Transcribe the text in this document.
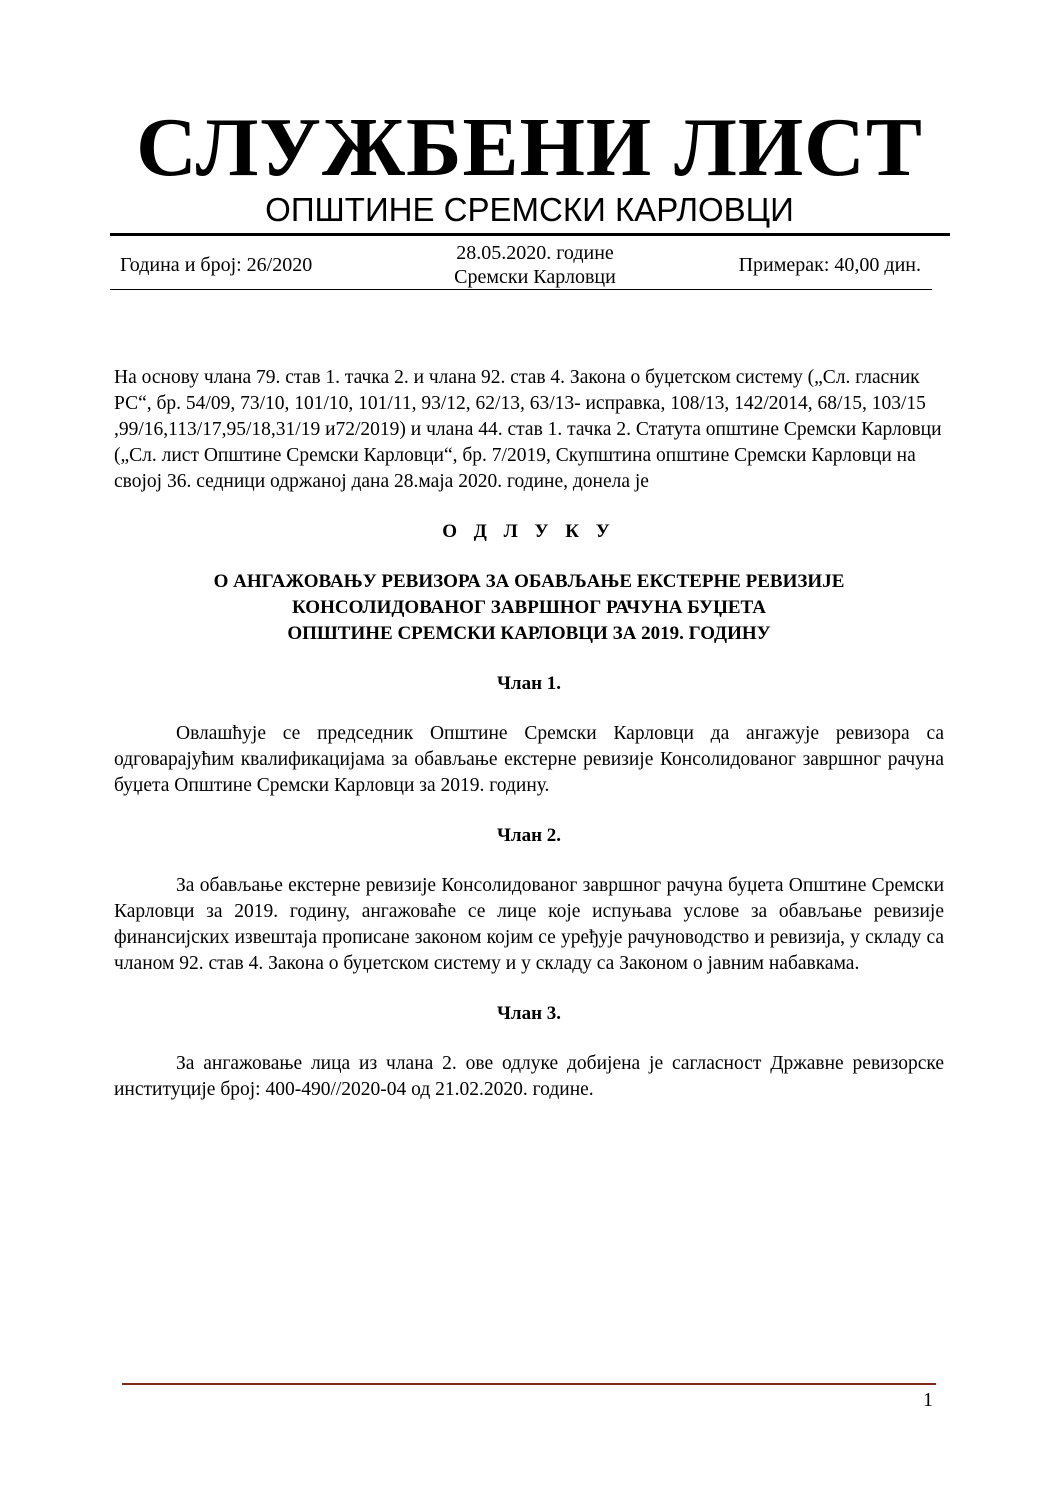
СЛУЖБЕНИ ЛИСТ
ОПШТИНЕ СРЕМСКИ КАРЛОВЦИ
Година и број: 26/2020
28.05.2020. године
Сремски Карловци
Примерак: 40,00 дин.

На основу члана 79. став 1. тачка 2. и члана 92. став 4. Закона о буџетском систему („Сл. гласник РС“, бр. 54/09, 73/10, 101/10, 101/11, 93/12, 62/13, 63/13- исправка, 108/13, 142/2014, 68/15, 103/15 ,99/16,113/17,95/18,31/19 и72/2019) и члана 44. став 1. тачка 2. Статута општине Сремски Карловци („Сл. лист Општине Сремски Карловци“, бр. 7/2019, Скупштина општине Сремски Карловци на својој 36. седници одржаној дана 28.маја 2020. године, донела је

О Д Л У К У
О АНГАЖОВАЊУ РЕВИЗОРА ЗА ОБАВЉАЊЕ ЕКСТЕРНЕ РЕВИЗИЈЕ
КОНСОЛИДОВАНОГ ЗАВРШНОГ РАЧУНА БУЏЕТА
ОПШТИНЕ СРЕМСКИ КАРЛОВЦИ ЗА 2019. ГОДИНУ
Члан 1.

Овлашћује се председник Општине Сремски Карловци да ангажује ревизора са одговарајућим квалификацијама за обављање екстерне ревизије Консолидованог завршног рачуна буџета Општине Сремски Карловци за 2019. годину.

Члан 2.

За обављање екстерне ревизије Консолидованог завршног рачуна буџета Општине Сремски Карловци за 2019. годину, ангажоваће се лице које испуњава услове за обављање ревизије финансијских извештаја прописане законом којим се уређује рачуноводство и ревизија, у складу са чланом 92. став 4. Закона о буџетском систему и у складу са Законом о јавним набавкама.

Члан 3.

За ангажовање лица из члана 2. ове одлуке добијена је сагласност Државне ревизорске институције број: 400-490//2020-04 од 21.02.2020. године.

1
